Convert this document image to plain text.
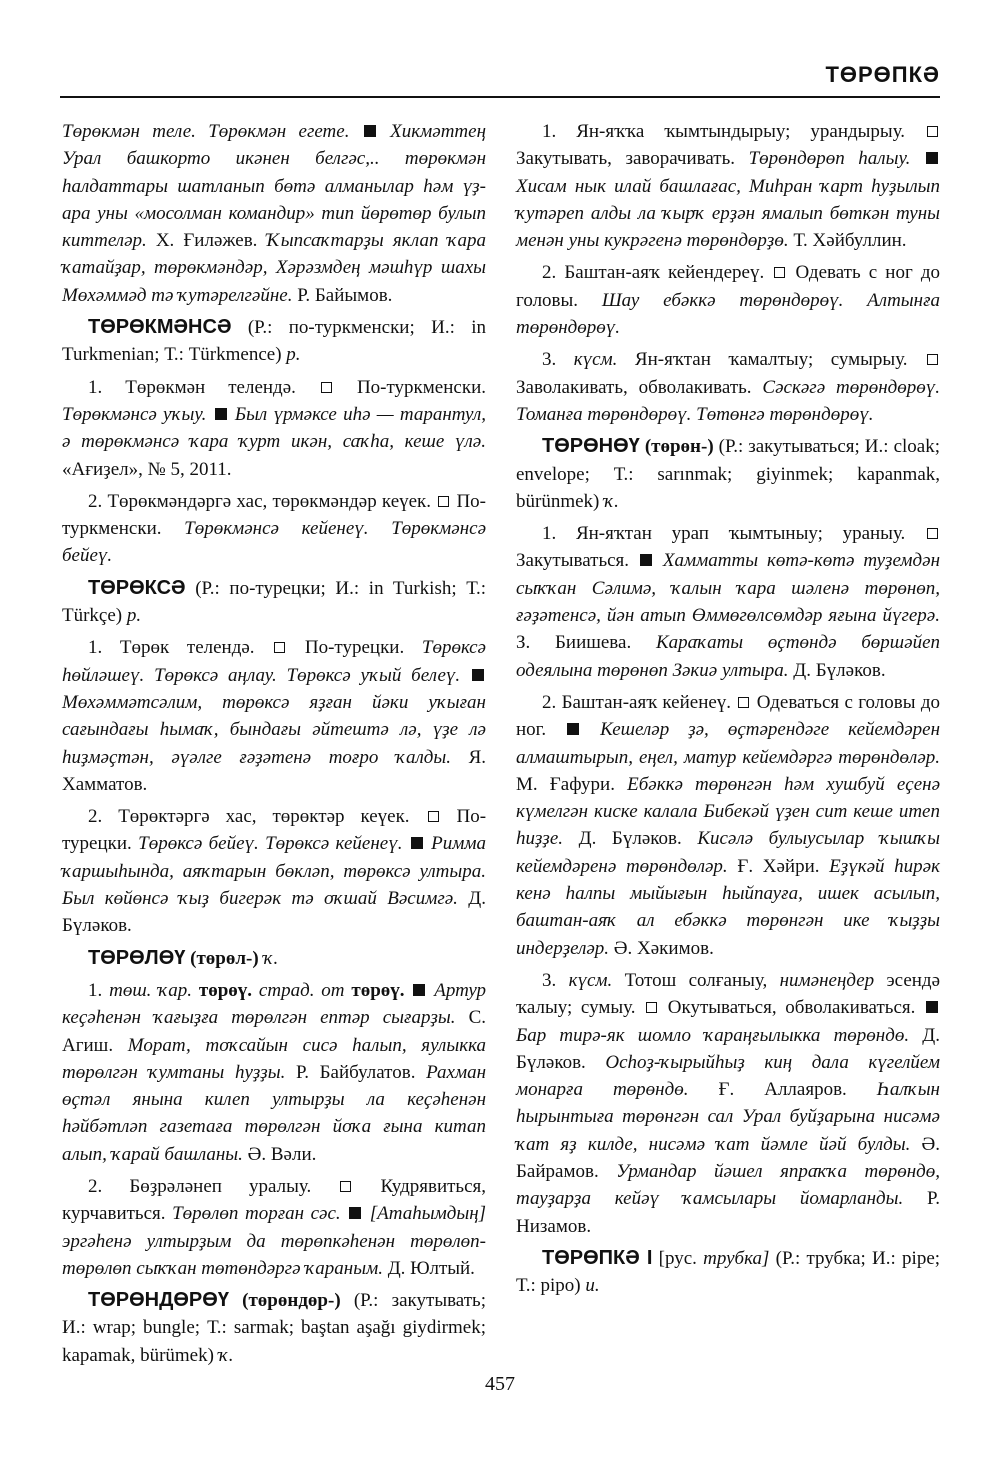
ТӨРӨПКӘ

Төрөкмән теле. Төрөкмән егете. Хикмәттең Урал башкорто икәнен белгәс,.. төрөкмән һалдаттары шатланып бөтә алманылар һәм үҙ-ара уны «мосолман командир» тип йөрөтөр булып киттеләр. Х. Ғиләжев. Ҡыпсаҡтарҙы яклап ҡара ҡатайҙар, төрөкмәндәр, Хәрәзмдең мәшһүр шахы Мөхәммәд тә ҡутәрелгәйне. Р. Байымов.

ТӨРӨКМӘНСӘ (Р.: по-туркменски; И.: in Turkmenian; Т.: Türkmence) р.

1. Төрөкмән телендә.	По-туркменски. Төрөкмәнсә уҡыу. Был үрмәксе иһә — тарантул, ә төрөкмәнсә ҡара ҡурт икән, саҡһа, кеше үлә. «Ағиҙел», № 5, 2011.

2. Төрөкмәндәргә хас, төрөкмәндәр кеүек. По-туркменски. Төрөкмәнсә кейенеү. Төрөкмәнсә бейеү.

ТӨРӨКСӘ (Р.: по-турецки; И.: in Turkish; Т.: Türkçe) р.

1. Төрөк телендә.	По-турецки. Төрөксә һөйләшеү. Төрөксә аңлау. Төрөксә уҡый белеү.  Мөхәммәтсәлим, төрөксә яҙған йәки уҡыған сағындағы һымаҡ, бындағы әйтештә лә, үҙе лә һиҙмәҫтән, әүәлге ғәҙәтенә тоғро ҡалды. Я. Хамматов.

2. Төрөктәргә хас, төрөктәр кеүек. По-турецки. Төрөксә бейеү. Төрөксә кейенеү. Римма ҡаршыһында, аяҡтарын бөкләп, төрөксә ултыра. Был көйөнсә ҡыҙ бигерәк тә оҡшай Вәсимгә. Д. Бүләков.

ТӨРӨЛӨҮ (төрөл-) ҡ.

1. төш. ҡар. төрөү. страд. от төрөү. Артур кеҫәһенән ҡағыҙға төрөлгән ептәр сығарҙы. С. Агиш. Морат, тоҡсайын сисә һалып, яулыкка төрөлгән ҡумтаны һуҙҙы. Р. Байбулатов. Рахман өҫтәл янына килеп ултырҙы ла кеҫәһенән һәйбәтләп газетаға төрөлгән йоҡа ғына китап алып, ҡарай башланы. Ә. Вәли.

2. Бөҙрәләнеп уралыу.	Кудрявиться, курчавиться. Төрөлөп торған сәс. [Атаһымдың] эргәһенә ултырҙым да төрөпкәһенән төрөлөп-төрөлөп сыҡҡан төтөндәргә ҡараным. Д. Юлтый.

ТӨРӨНДӨРӨҮ (төрөндөр-) (Р.: закутывать; И.: wrap; bungle; Т.: sarmak; baştan aşağı giydirmek; kapamak, bürümek) ҡ.

1. Ян-яҡҡа ҡымтындырыу; урандырыу.  Закутывать, заворачивать. Төрөндөрөп һалыу.  Хисам нык илай башлағас, Миһран ҡарт һуҙылып ҡутәреп алды ла ҡырҡ ерҙән ямалып бөткән туны менән уны кукрәгенә төрөндөрҙө. Т. Хәйбуллин.

2. Баштан-аяҡ кейендереү. Одевать с ног до головы. Шау ебәккә төрөндөрөү. Алтынға төрөндөрөү.

3. күсм. Ян-яҡтан ҡамалтыу; сумырыу.  Заволакивать, обволакивать. Сәскәгә төрөндөрөү. Томанға төрөндөрөү. Төтөнгә төрөндөрөү.

ТӨРӨНӨҮ (төрөн-) (Р.: закутываться; И.: cloak; envelope; Т.: sarınmak; giyinmek; kapanmak, bürünmek) ҡ.

1. Ян-яҡтан урап ҡымтыныу; ураныу.  Закутываться. Хамматты көтә-көтә туҙемдән сыҡҡан Сәлимә, ҡалын ҡара шәленә төрөнөп, ғәҙәтенсә, йән атып Өммөгөлсөмдәр яғына йүгерә. З. Биишева. Караҡаты өҫтөндә бөршәйеп одеялына төрөнөп Зәкиә ултыра. Д. Бүләков.

2. Баштан-аяҡ кейенеү. Одеваться с головы до ног.	Кешеләр ҙә, өҫтәрендәге кейемдәрен алмаштырып, еңел, матур кейемдәргә төрөндөләр. М. Ғафури. Ебәккә төрөнгән һәм хушбуй еҫенә күмелгән киске калала Бибекәй үҙен сит кеше итеп һиҙҙе. Д. Бүләков. Кисәлә булыусылар ҡышҡы кейемдәренә төрөндөләр. Ғ. Хәйри. Еҙүкәй һирәк кенә һалпы мыйығын һыйпауға, ишек асылып, баштан-аяҡ ал ебәккә төрөнгән ике ҡыҙҙы индерҙеләр. Ә. Хәкимов.

3. күсм. Тотош солғаныу, нимәнеңдер эсендә ҡалыу; сумыу. Окутываться, обволакиваться.  Бар тирә-як шомло ҡараңғылыкка төрөндө. Д. Бүләков. Осһоҙ-ҡырыйһыҙ киң дала күгелйем монарға төрөндө. Ғ. Аллаяров. Һалҡын һырынтыға төрөнгән сал Урал буйҙарына нисәмә ҡат яҙ килде, нисәмә ҡат йәмле йәй булды. Ә. Байрамов. Урмандар йәшел япраҡҡа төрөндө, тауҙарҙа кейәү ҡамсылары йомарланды. Р. Низамов.

ТӨРӨПКӘ I [рус. трубка] (Р.: трубка; И.: pipe; Т.: pipo) и.

457
